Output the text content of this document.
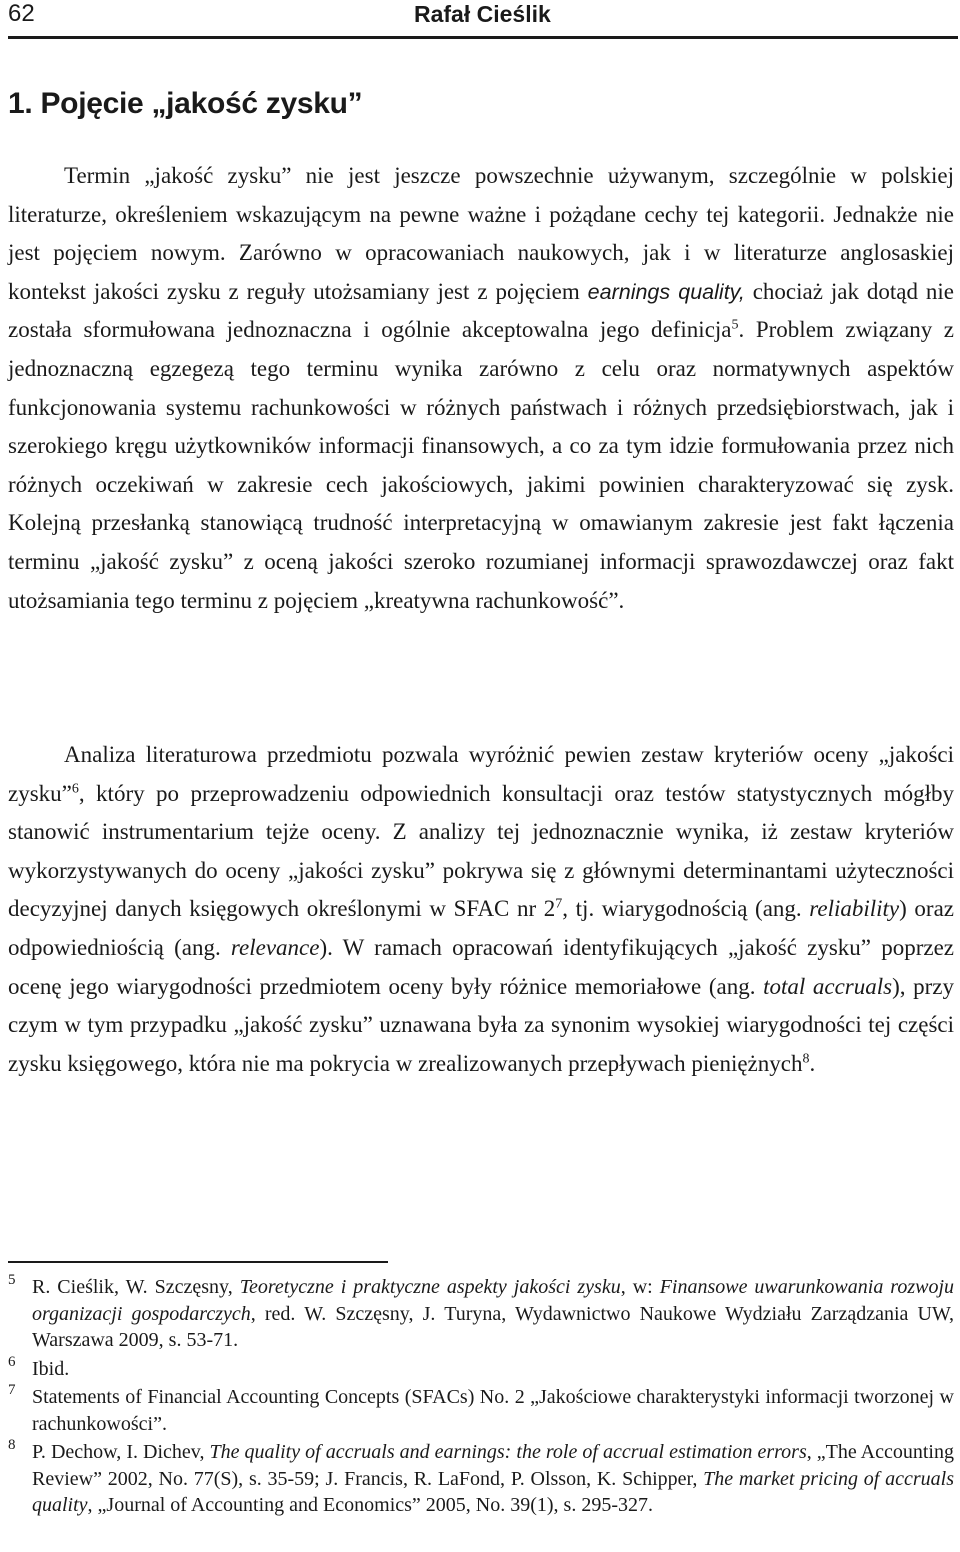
62	Rafał Cieślik
1. Pojęcie „jakość zysku”

Termin „jakość zysku” nie jest jeszcze powszechnie używanym, szczególnie w polskiej literaturze, określeniem wskazującym na pewne ważne i pożądane cechy tej kategorii. Jednakże nie jest pojęciem nowym. Zarówno w opracowaniach naukowych, jak i w literaturze anglosaskiej kontekst jakości zysku z reguły utożsamiany jest z pojęciem earnings quality, chociaż jak dotąd nie została sformułowana jednoznaczna i ogólnie akceptowalna jego definicja$^5$. Problem związany z jednoznaczną egzegezą tego terminu wynika zarówno z celu oraz normatywnych aspektów funkcjonowania systemu rachunkowości w różnych państwach i różnych przedsiębiorstwach, jak i szerokiego kręgu użytkowników informacji finansowych, a co za tym idzie formułowania przez nich różnych oczekiwań w zakresie cech jakościowych, jakimi powinien charakteryzować się zysk. Kolejną przesłanką stanowiącą trudność interpretacyjną w omawianym zakresie jest fakt łączenia terminu „jakość zysku” z oceną jakości szeroko rozumianej informacji sprawozdawczej oraz fakt utożsamiania tego terminu z pojęciem „kreatywna rachunkowość”.

Analiza literaturowa przedmiotu pozwala wyróżnić pewien zestaw kryteriów oceny „jakości zysku”$^6$, który po przeprowadzeniu odpowiednich konsultacji oraz testów statystycznych mógłby stanowić instrumentarium tejże oceny. Z analizy tej jednoznacznie wynika, iż zestaw kryteriów wykorzystywanych do oceny „jakości zysku” pokrywa się z głównymi determinantami użyteczności decyzyjnej danych księgowych określonymi w SFAC nr $2^7$, tj. wiarygodnością (ang. reliability) oraz odpowiedniością (ang. relevance). W ramach opracowań identyfikujących „jakość zysku” poprzez ocenę jego wiarygodności przedmiotem oceny były różnice memoriałowe (ang. total accruals), przy czym w tym przypadku „jakość zysku” uznawana była za synonim wysokiej wiarygodności tej części zysku księgowego, która nie ma pokrycia w zrealizowanych przepływach pieniężnych$^8$.

5 R. Cieślik, W. Szczęsny, Teoretyczne i praktyczne aspekty jakości zysku, w: Finansowe uwarunkowania rozwoju organizacji gospodarczych, red. W. Szczęsny, J. Turyna, Wydawnictwo Naukowe Wydziału Zarządzania UW, Warszawa 2009, s. 53-71.
6 Ibid.
7 Statements of Financial Accounting Concepts (SFACs) No. 2 „Jakościowe charakterystyki informacji tworzonej w rachunkowości”.
8 P. Dechow, I. Dichev, The quality of accruals and earnings: the role of accrual estimation errors, „The Accounting Review” 2002, No. 77(S), s. 35-59; J. Francis, R. LaFond, P. Olsson, K. Schipper, The market pricing of accruals quality, „Journal of Accounting and Economics” 2005, No. 39(1), s. 295-327.
